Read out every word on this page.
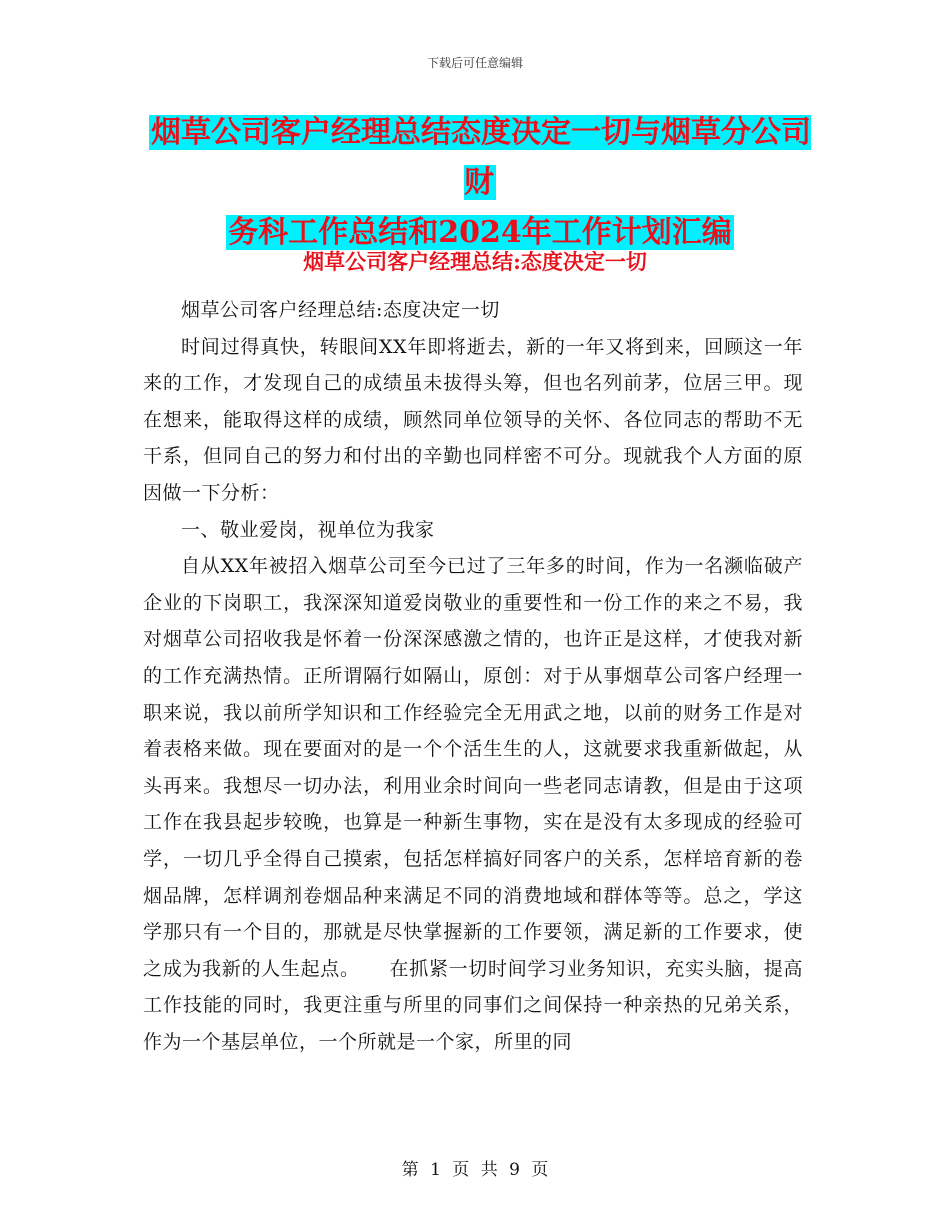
下载后可任意编辑
烟草公司客户经理总结态度决定一切与烟草分公司财
务科工作总结和2024年工作计划汇编
烟草公司客户经理总结:态度决定一切

烟草公司客户经理总结:态度决定一切

时间过得真快，转眼间XX年即将逝去，新的一年又将到来，回顾这一年来的工作，才发现自己的成绩虽未拔得头筹，但也名列前茅，位居三甲。现在想来，能取得这样的成绩，顾然同单位领导的关怀、各位同志的帮助不无干系，但同自己的努力和付出的辛勤也同样密不可分。现就我个人方面的原因做一下分析：

一、敬业爱岗，视单位为我家

自从XX年被招入烟草公司至今已过了三年多的时间，作为一名濒临破产企业的下岗职工，我深深知道爱岗敬业的重要性和一份工作的来之不易，我对烟草公司招收我是怀着一份深深感激之情的，也许正是这样，才使我对新的工作充满热情。正所谓隔行如隔山，原创：对于从事烟草公司客户经理一职来说，我以前所学知识和工作经验完全无用武之地，以前的财务工作是对着表格来做。现在要面对的是一个个活生生的人，这就要求我重新做起，从头再来。我想尽一切办法，利用业余时间向一些老同志请教，但是由于这项工作在我县起步较晚，也算是一种新生事物，实在是没有太多现成的经验可学，一切几乎全得自己摸索，包括怎样搞好同客户的关系，怎样培育新的卷烟品牌，怎样调剂卷烟品种来满足不同的消费地域和群体等等。总之，学这学那只有一个目的，那就是尽快掌握新的工作要领，满足新的工作要求，使之成为我新的人生起点。　　在抓紧一切时间学习业务知识，充实头脑，提高工作技能的同时，我更注重与所里的同事们之间保持一种亲热的兄弟关系，作为一个基层单位，一个所就是一个家，所里的同

第 1 页 共 9 页
